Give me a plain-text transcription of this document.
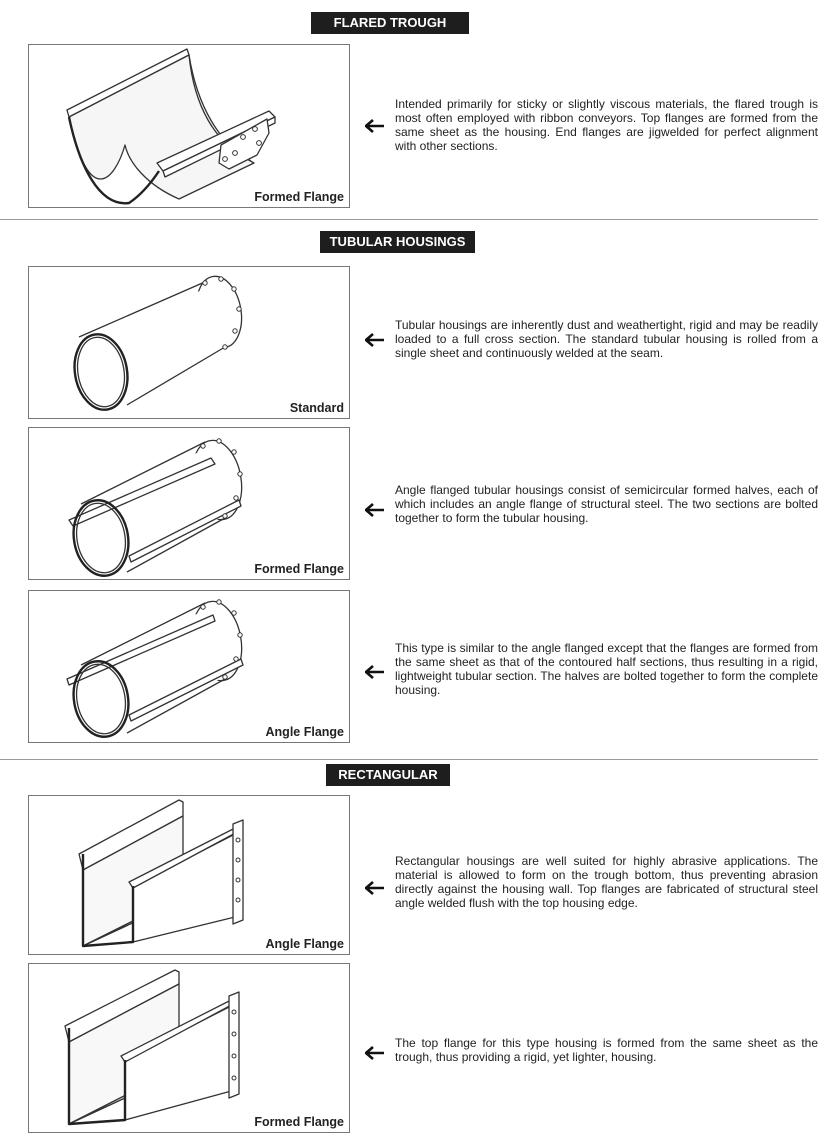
FLARED TROUGH
Formed Flange

Intended primarily for sticky or slightly viscous materials, the flared trough is most often employed with ribbon conveyors. Top flanges are formed from the same sheet as the housing. End flanges are jigwelded for perfect alignment with other sections.

TUBULAR HOUSINGS
Standard

Tubular housings are inherently dust and weathertight, rigid and may be readily loaded to a full cross section. The standard tubular housing is rolled from a single sheet and continuously welded at the seam.

Formed Flange

Angle flanged tubular housings consist of semicircular formed halves, each of which includes an angle flange of structural steel. The two sections are bolted together to form the tubular housing.

Angle Flange

This type is similar to the angle flanged except that the flanges are formed from the same sheet as that of the contoured half sections, thus resulting in a rigid, lightweight tubular section. The halves are bolted together to form the complete housing.

RECTANGULAR
Angle Flange

Rectangular housings are well suited for highly abrasive applications. The material is allowed to form on the trough bottom, thus preventing abrasion directly against the housing wall. Top flanges are fabricated of structural steel angle welded flush with the top housing edge.

Formed Flange

The top flange for this type housing is formed from the same sheet as the trough, thus providing a rigid, yet lighter, housing.
